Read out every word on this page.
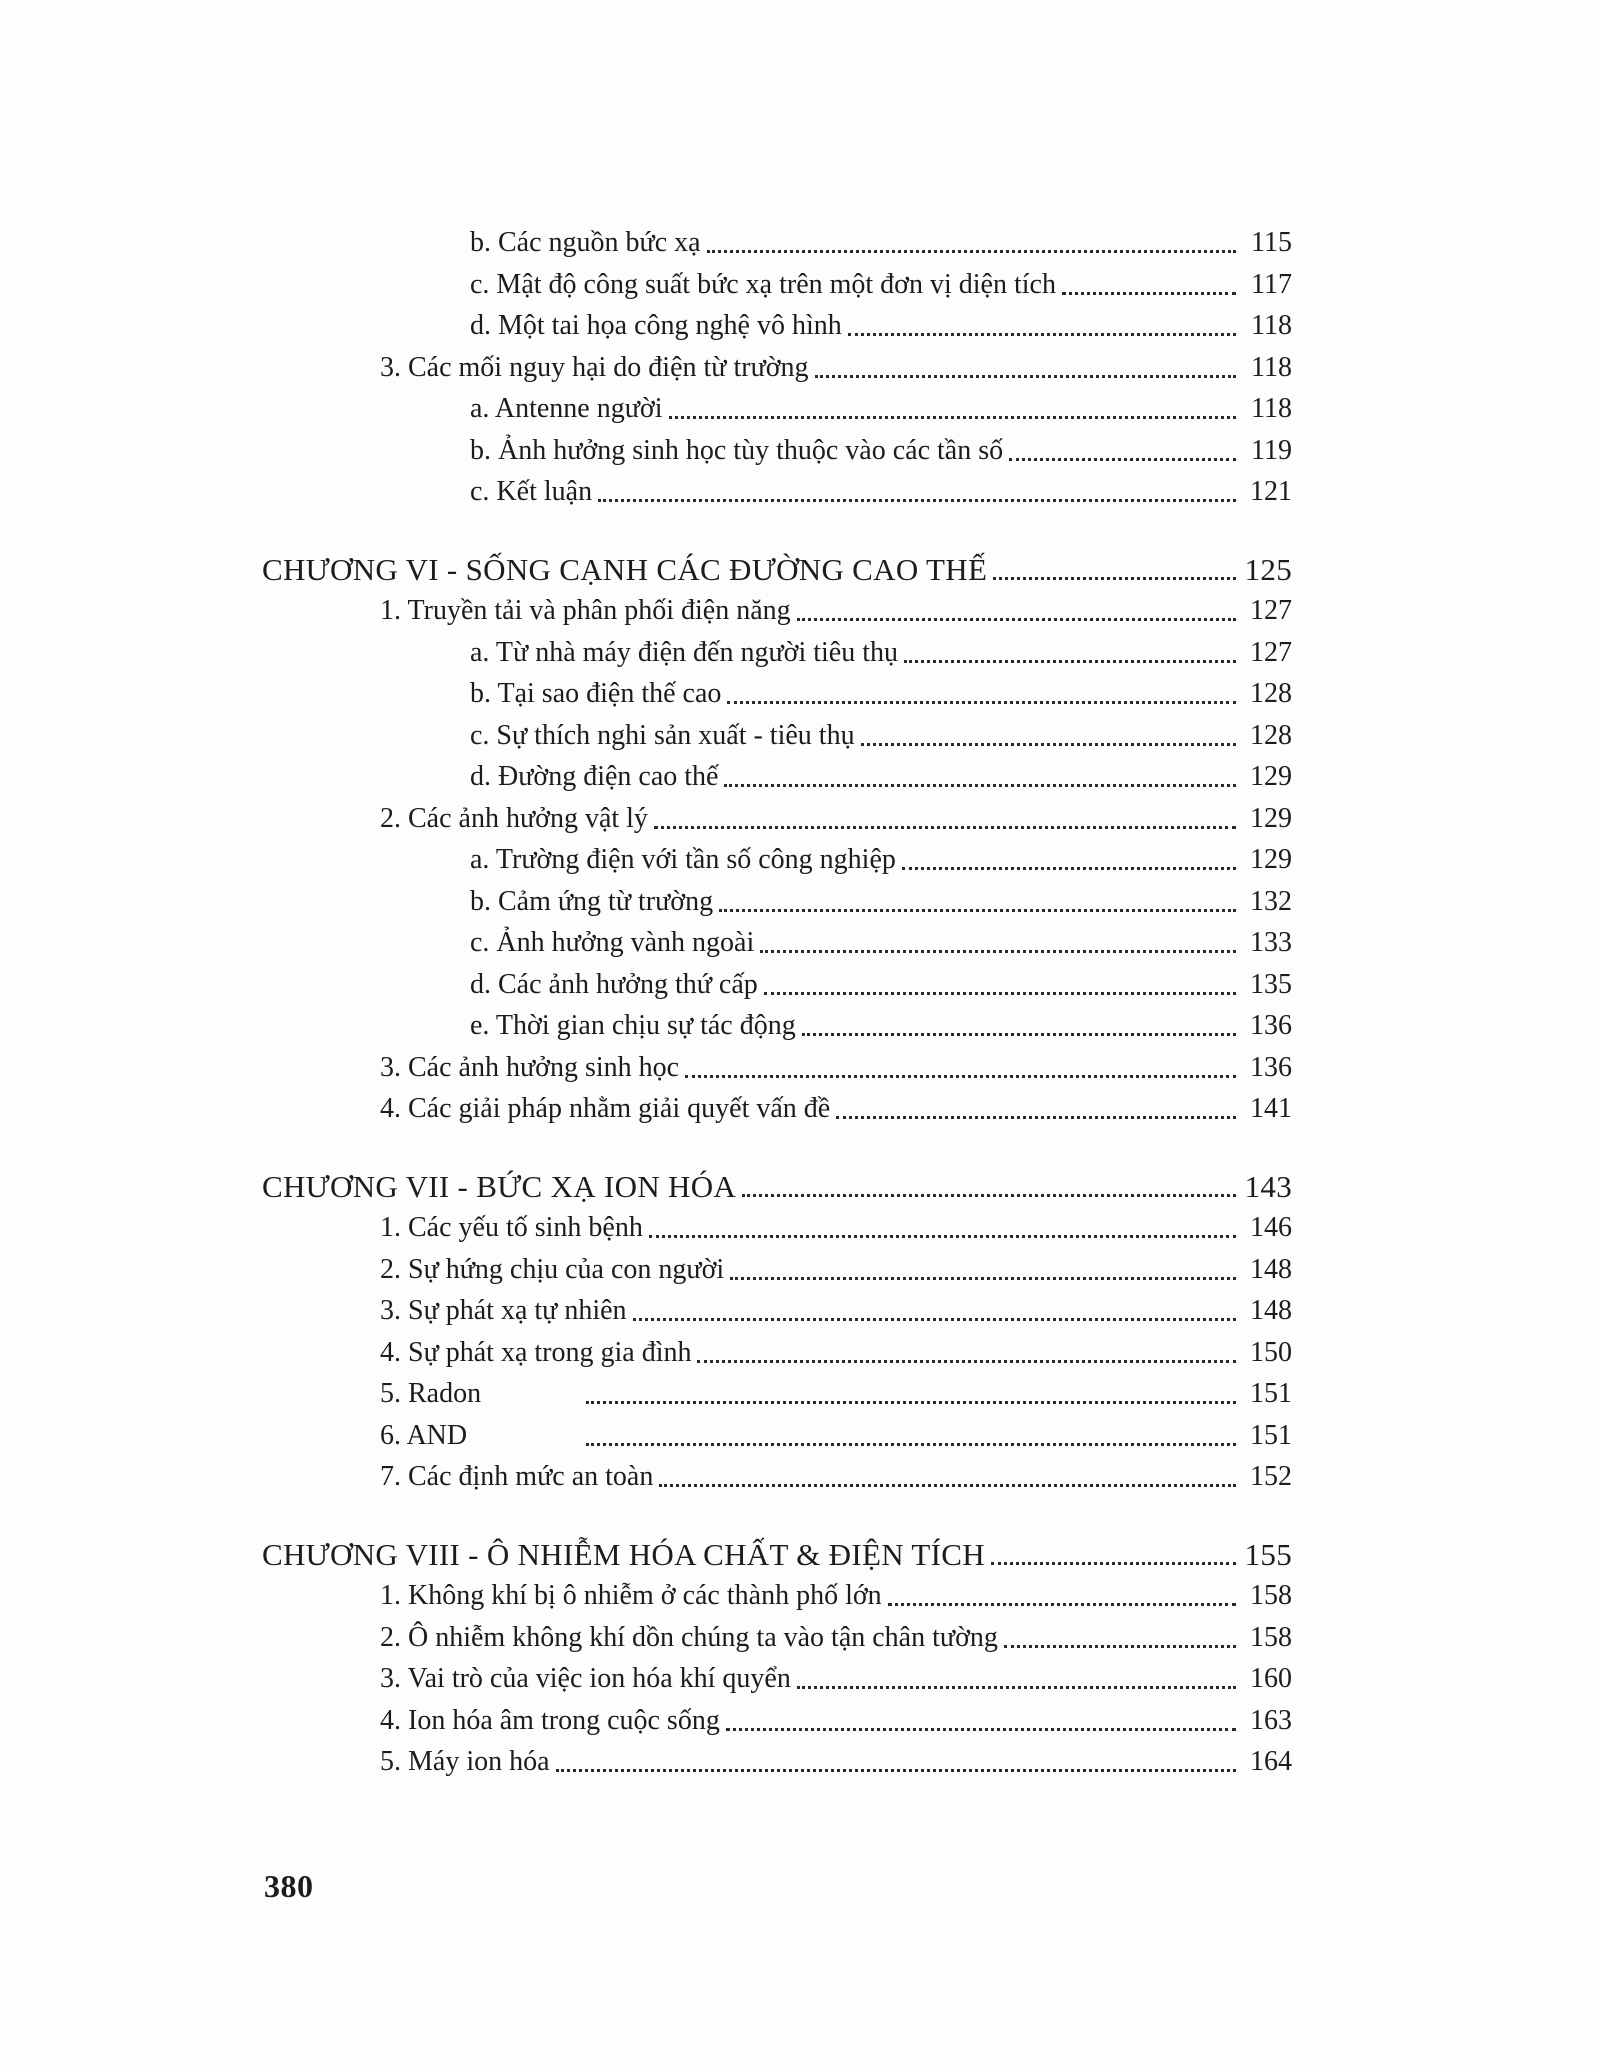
b. Các nguồn bức xạ	115
c. Mật độ công suất bức xạ trên một đơn vị diện tích	117
d. Một tai họa công nghệ vô hình	118
3. Các mối nguy hại do điện từ trường	118
a. Antenne người	118
b. Ảnh hưởng sinh học tùy thuộc vào các tần số	119
c. Kết luận	121
CHƯƠNG VI - SỐNG CẠNH CÁC ĐƯỜNG CAO THẾ	125
1. Truyền tải và phân phối điện năng	127
a. Từ nhà máy điện đến người tiêu thụ	127
b. Tại sao điện thế cao	128
c. Sự thích nghi sản xuất - tiêu thụ	128
d. Đường điện cao thế	129
2. Các ảnh hưởng vật lý	129
a. Trường điện với tần số công nghiệp	129
b. Cảm ứng từ trường	132
c. Ảnh hưởng vành ngoài	133
d. Các ảnh hưởng thứ cấp	135
e. Thời gian chịu sự tác động	136
3. Các ảnh hưởng sinh học	136
4. Các giải pháp nhằm giải quyết vấn đề	141
CHƯƠNG VII - BỨC XẠ ION HÓA	143
1. Các yếu tố sinh bệnh	146
2. Sự hứng chịu của con người	148
3. Sự phát xạ tự nhiên	148
4. Sự phát xạ trong gia đình	150
5. Radon	151
6. AND	151
7. Các định mức an toàn	152
CHƯƠNG VIII - Ô NHIỄM HÓA CHẤT & ĐIỆN TÍCH	155
1. Không khí bị ô nhiễm ở các thành phố lớn	158
2. Ô nhiễm không khí dồn chúng ta vào tận chân tường	158
3. Vai trò của việc ion hóa khí quyển	160
4. Ion hóa âm trong cuộc sống	163
5. Máy ion hóa	164
380
